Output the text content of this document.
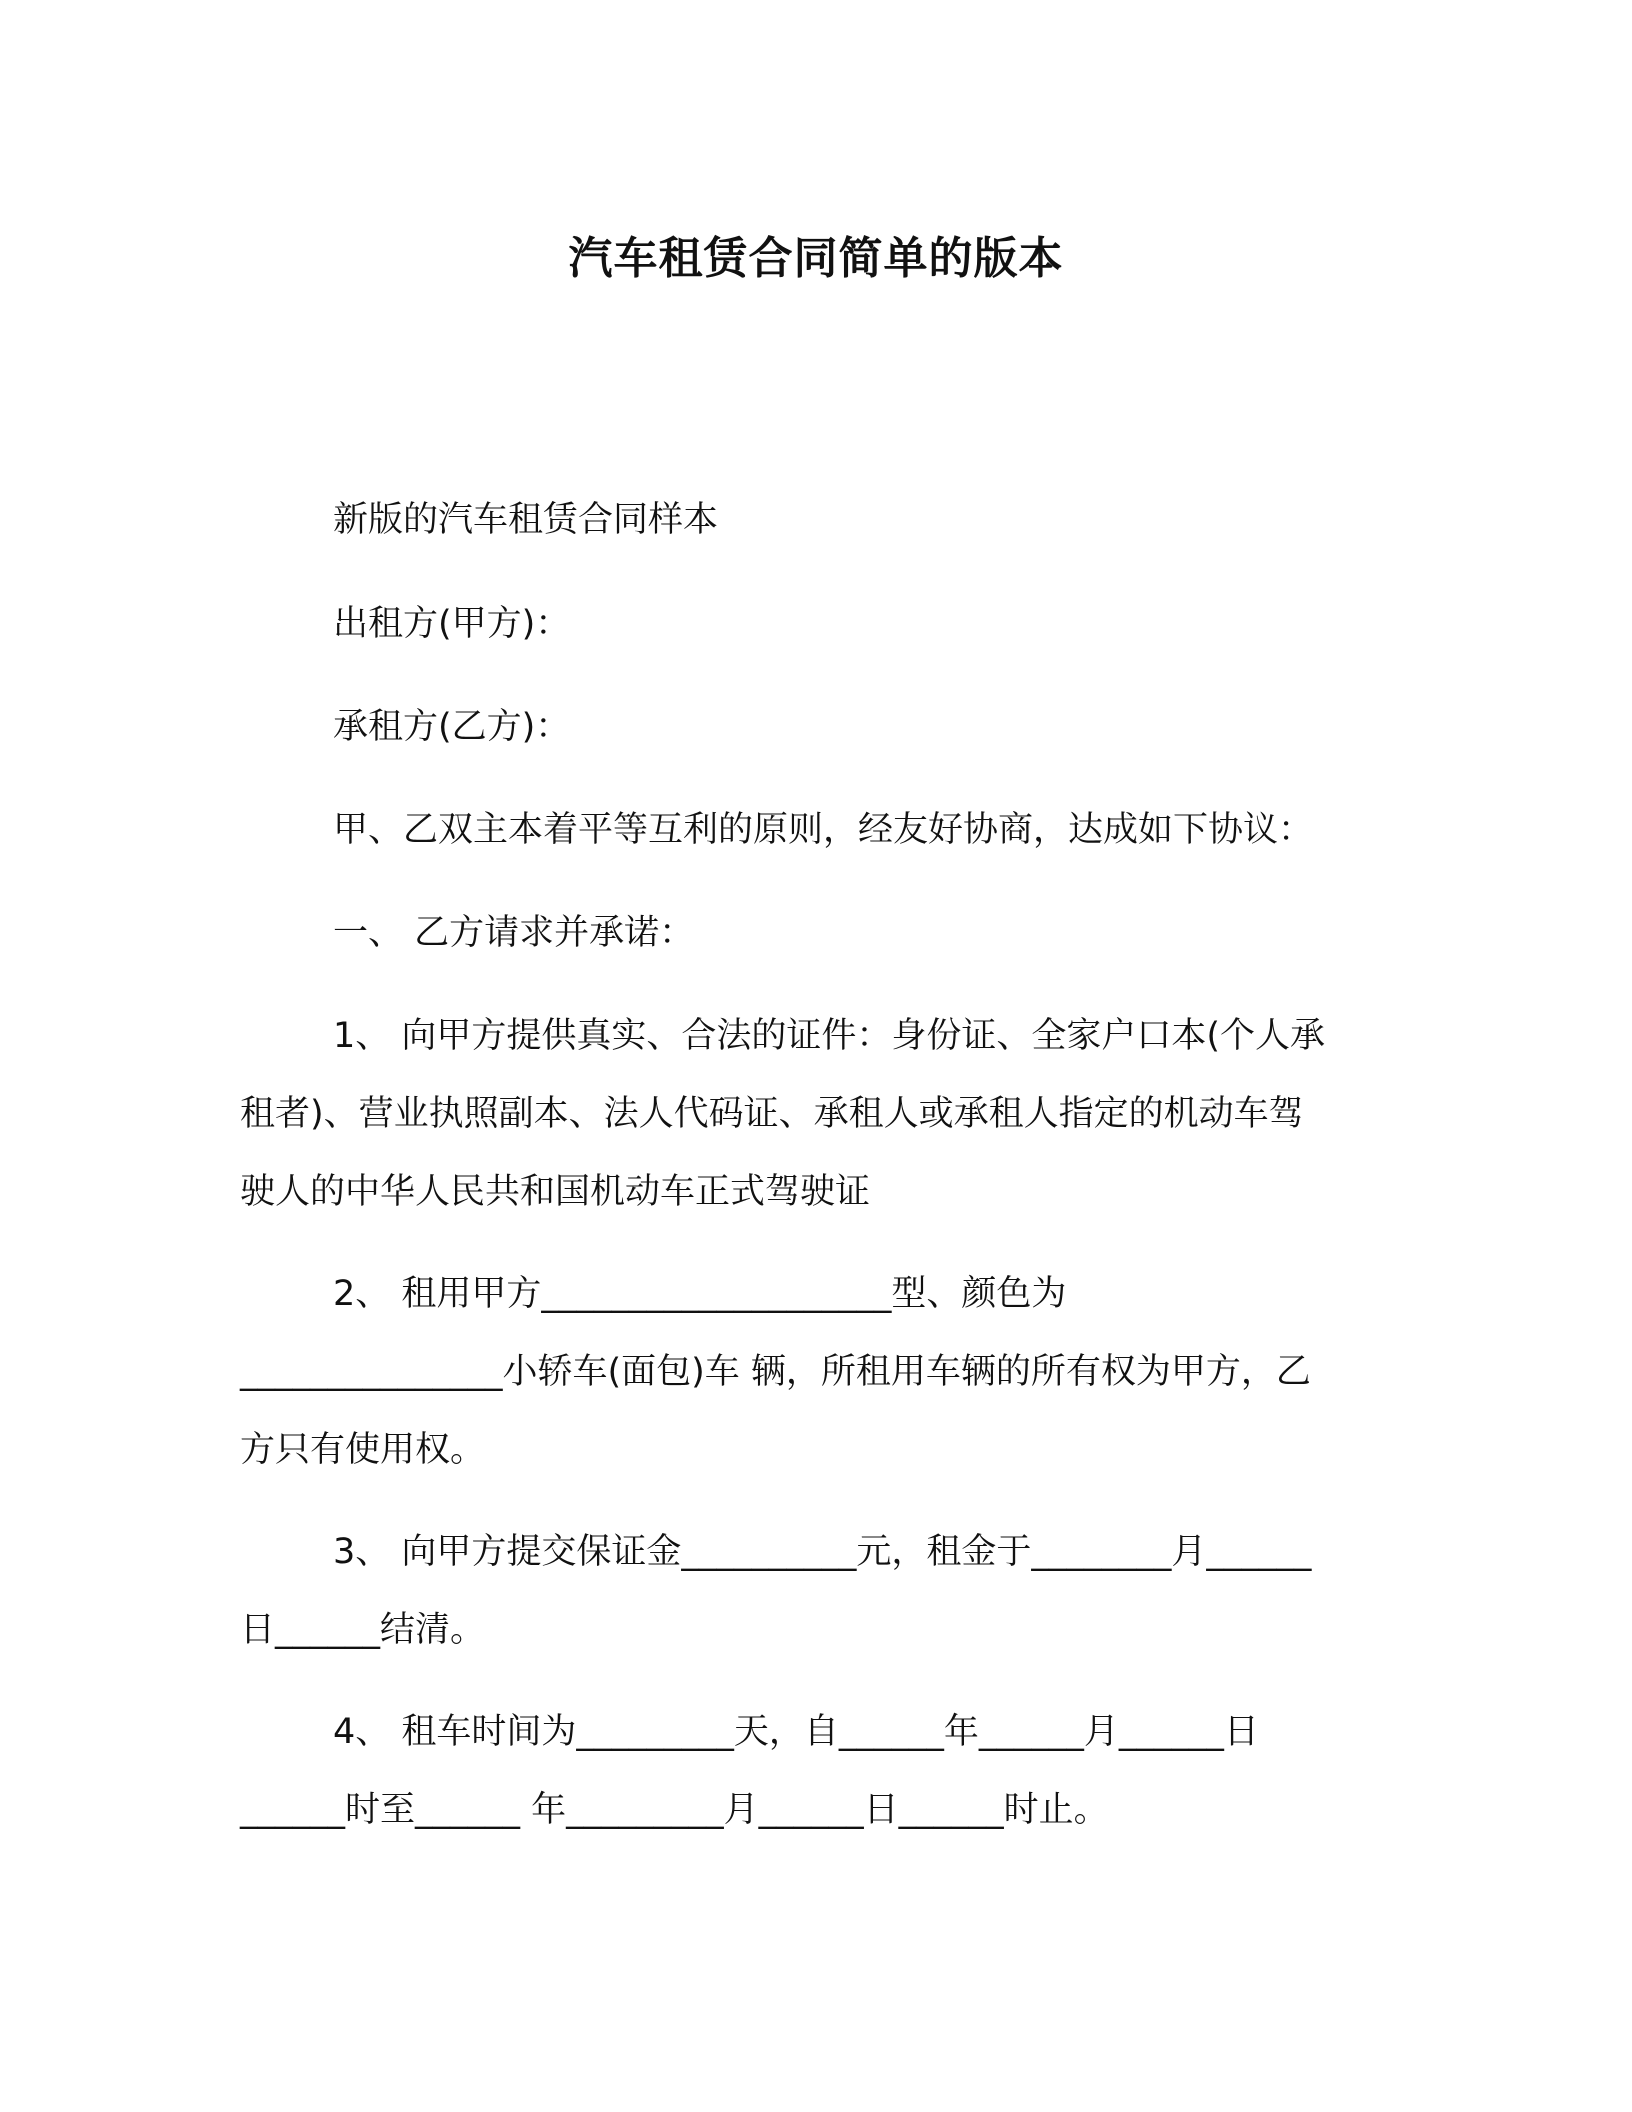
汽车租赁合同简单的版本

新版的汽车租赁合同样本

出租方(甲方)：

承租方(乙方)：

甲、乙双主本着平等互利的原则，经友好协商，达成如下协议：

一、 乙方请求并承诺：

1、 向甲方提供真实、合法的证件：身份证、全家户口本(个人承

租者)、营业执照副本、法人代码证、承租人或承租人指定的机动车驾

驶人的中华人民共和国机动车正式驾驶证

2、 租用甲方____________________型、颜色为

_______________小轿车(面包)车 辆，所租用车辆的所有权为甲方，乙

方只有使用权。

3、 向甲方提交保证金__________元，租金于________月______

日______结清。

4、 租车时间为_________天，自______年______月______日

______时至______ 年_________月______日______时止。
